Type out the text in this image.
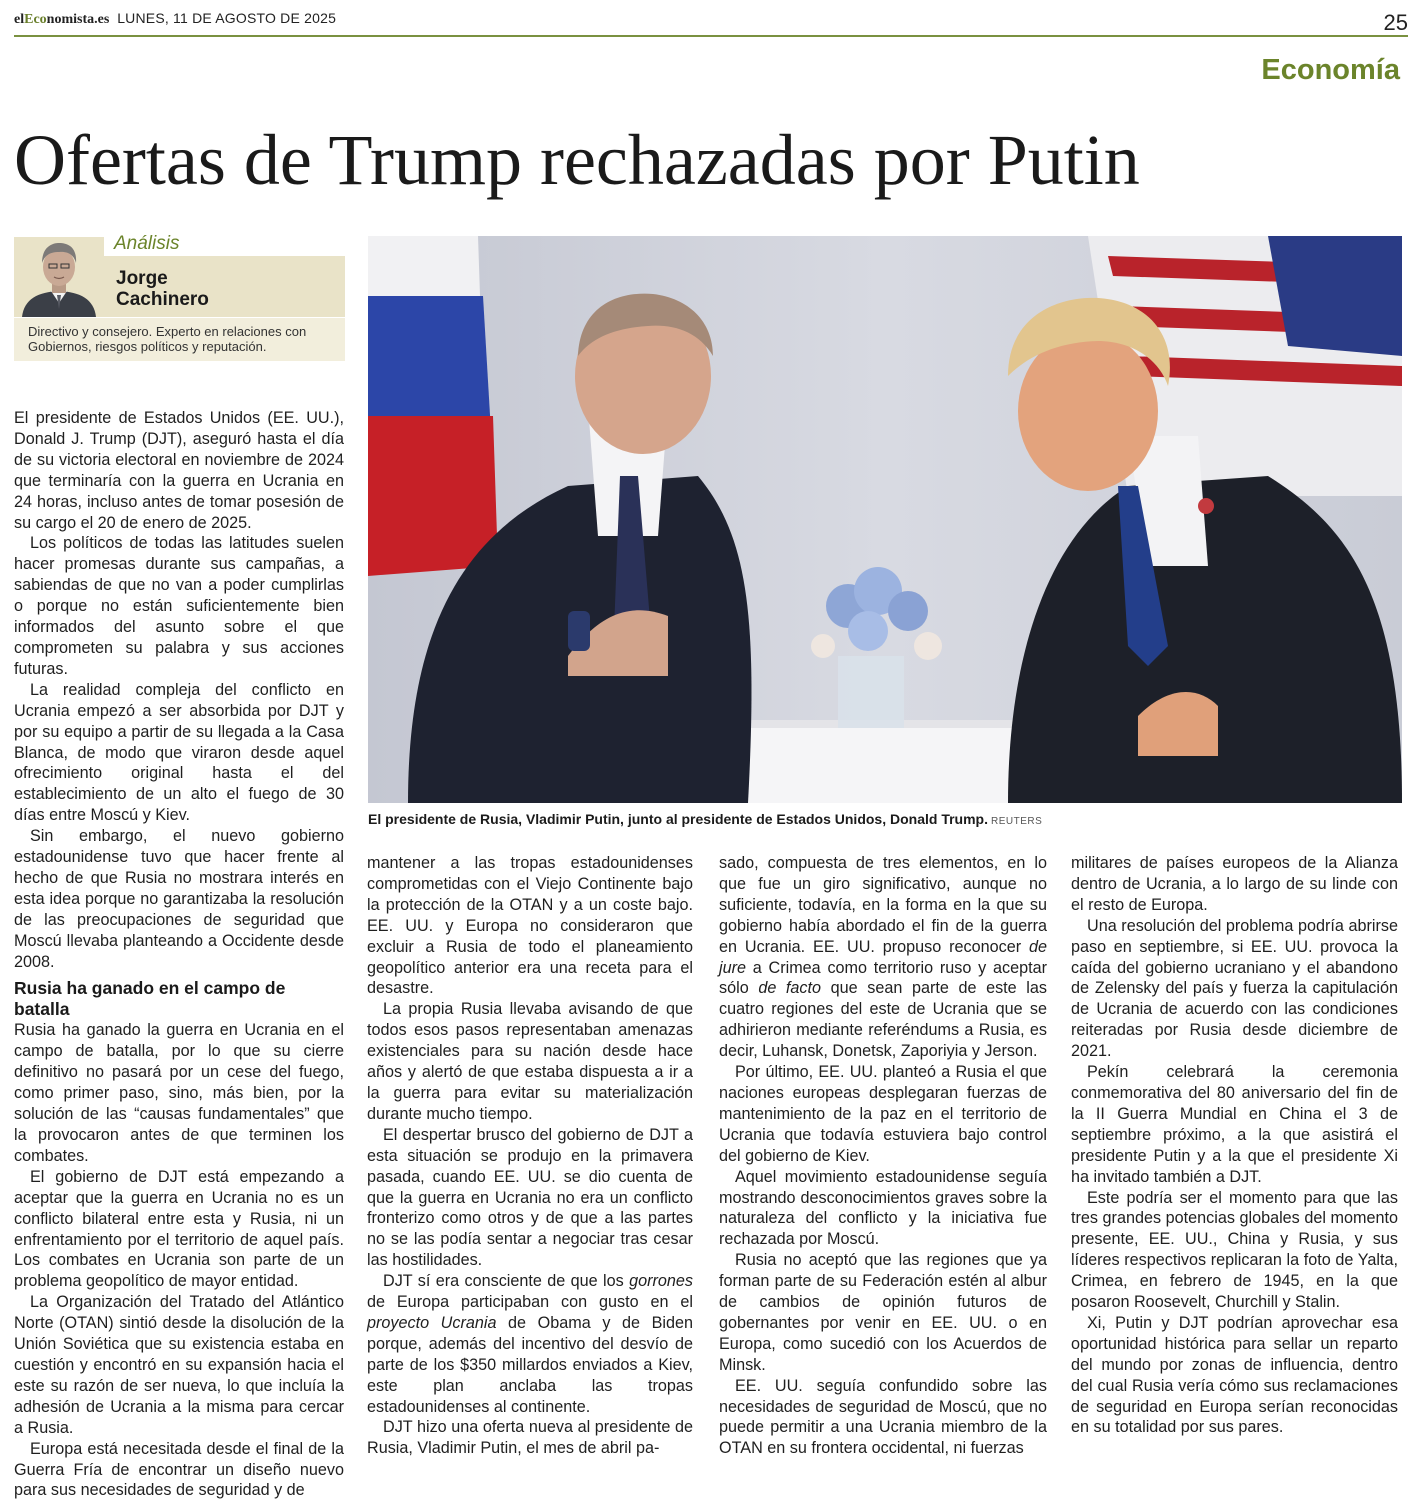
elEconomista.es LUNES, 11 DE AGOSTO DE 2025	25
Economía
Ofertas de Trump rechazadas por Putin
Análisis
Jorge
Cachinero
Directivo y consejero. Experto en relaciones con Gobiernos, riesgos políticos y reputación.
El presidente de Rusia, Vladimir Putin, junto al presidente de Estados Unidos, Donald Trump. REUTERS

El presidente de Estados Unidos (EE. UU.), Donald J. Trump (DJT), aseguró hasta el día de su victoria electoral en noviembre de 2024 que terminaría con la guerra en Ucrania en 24 horas, incluso antes de tomar posesión de su cargo el 20 de enero de 2025.

Los políticos de todas las latitudes suelen hacer promesas durante sus campañas, a sabiendas de que no van a poder cumplirlas o porque no están suficientemente bien informados del asunto sobre el que comprometen su palabra y sus acciones futuras.

La realidad compleja del conflicto en Ucrania empezó a ser absorbida por DJT y por su equipo a partir de su llegada a la Casa Blanca, de modo que viraron desde aquel ofrecimiento original hasta el del establecimiento de un alto el fuego de 30 días entre Moscú y Kiev.

Sin embargo, el nuevo gobierno estadounidense tuvo que hacer frente al hecho de que Rusia no mostrara interés en esta idea porque no garantizaba la resolución de las preocupaciones de seguridad que Moscú llevaba planteando a Occidente desde 2008.

Rusia ha ganado en el campo de batalla

Rusia ha ganado la guerra en Ucrania en el campo de batalla, por lo que su cierre definitivo no pasará por un cese del fuego, como primer paso, sino, más bien, por la solución de las “causas fundamentales” que la provocaron antes de que terminen los combates.

El gobierno de DJT está empezando a aceptar que la guerra en Ucrania no es un conflicto bilateral entre esta y Rusia, ni un enfrentamiento por el territorio de aquel país. Los combates en Ucrania son parte de un problema geopolítico de mayor entidad.

La Organización del Tratado del Atlántico Norte (OTAN) sintió desde la disolución de la Unión Soviética que su existencia estaba en cuestión y encontró en su expansión hacia el este su razón de ser nueva, lo que incluía la adhesión de Ucrania a la misma para cercar a Rusia.

Europa está necesitada desde el final de la Guerra Fría de encontrar un diseño nuevo para sus necesidades de seguridad y de

mantener a las tropas estadounidenses comprometidas con el Viejo Continente bajo la protección de la OTAN y a un coste bajo. EE. UU. y Europa no consideraron que excluir a Rusia de todo el planeamiento geopolítico anterior era una receta para el desastre.

La propia Rusia llevaba avisando de que todos esos pasos representaban amenazas existenciales para su nación desde hace años y alertó de que estaba dispuesta a ir a la guerra para evitar su materialización durante mucho tiempo.

El despertar brusco del gobierno de DJT a esta situación se produjo en la primavera pasada, cuando EE. UU. se dio cuenta de que la guerra en Ucrania no era un conflicto fronterizo como otros y de que a las partes no se las podía sentar a negociar tras cesar las hostilidades.

DJT sí era consciente de que los gorrones de Europa participaban con gusto en el proyecto Ucrania de Obama y de Biden porque, además del incentivo del desvío de parte de los $350 millardos enviados a Kiev, este plan anclaba las tropas estadounidenses al continente.

DJT hizo una oferta nueva al presidente de Rusia, Vladimir Putin, el mes de abril pa-

sado, compuesta de tres elementos, en lo que fue un giro significativo, aunque no suficiente, todavía, en la forma en la que su gobierno había abordado el fin de la guerra en Ucrania. EE. UU. propuso reconocer de jure a Crimea como territorio ruso y aceptar sólo de facto que sean parte de este las cuatro regiones del este de Ucrania que se adhirieron mediante referéndums a Rusia, es decir, Luhansk, Donetsk, Zaporiyia y Jerson.

Por último, EE. UU. planteó a Rusia el que naciones europeas desplegaran fuerzas de mantenimiento de la paz en el territorio de Ucrania que todavía estuviera bajo control del gobierno de Kiev.

Aquel movimiento estadounidense seguía mostrando desconocimientos graves sobre la naturaleza del conflicto y la iniciativa fue rechazada por Moscú.

Rusia no aceptó que las regiones que ya forman parte de su Federación estén al albur de cambios de opinión futuros de gobernantes por venir en EE. UU. o en Europa, como sucedió con los Acuerdos de Minsk.

EE. UU. seguía confundido sobre las necesidades de seguridad de Moscú, que no puede permitir a una Ucrania miembro de la OTAN en su frontera occidental, ni fuerzas

militares de países europeos de la Alianza dentro de Ucrania, a lo largo de su linde con el resto de Europa.

Una resolución del problema podría abrirse paso en septiembre, si EE. UU. provoca la caída del gobierno ucraniano y el abandono de Zelensky del país y fuerza la capitulación de Ucrania de acuerdo con las condiciones reiteradas por Rusia desde diciembre de 2021.

Pekín celebrará la ceremonia conmemorativa del 80 aniversario del fin de la II Guerra Mundial en China el 3 de septiembre próximo, a la que asistirá el presidente Putin y a la que el presidente Xi ha invitado también a DJT.

Este podría ser el momento para que las tres grandes potencias globales del momento presente, EE. UU., China y Rusia, y sus líderes respectivos replicaran la foto de Yalta, Crimea, en febrero de 1945, en la que posaron Roosevelt, Churchill y Stalin.

Xi, Putin y DJT podrían aprovechar esa oportunidad histórica para sellar un reparto del mundo por zonas de influencia, dentro del cual Rusia vería cómo sus reclamaciones de seguridad en Europa serían reconocidas en su totalidad por sus pares.
